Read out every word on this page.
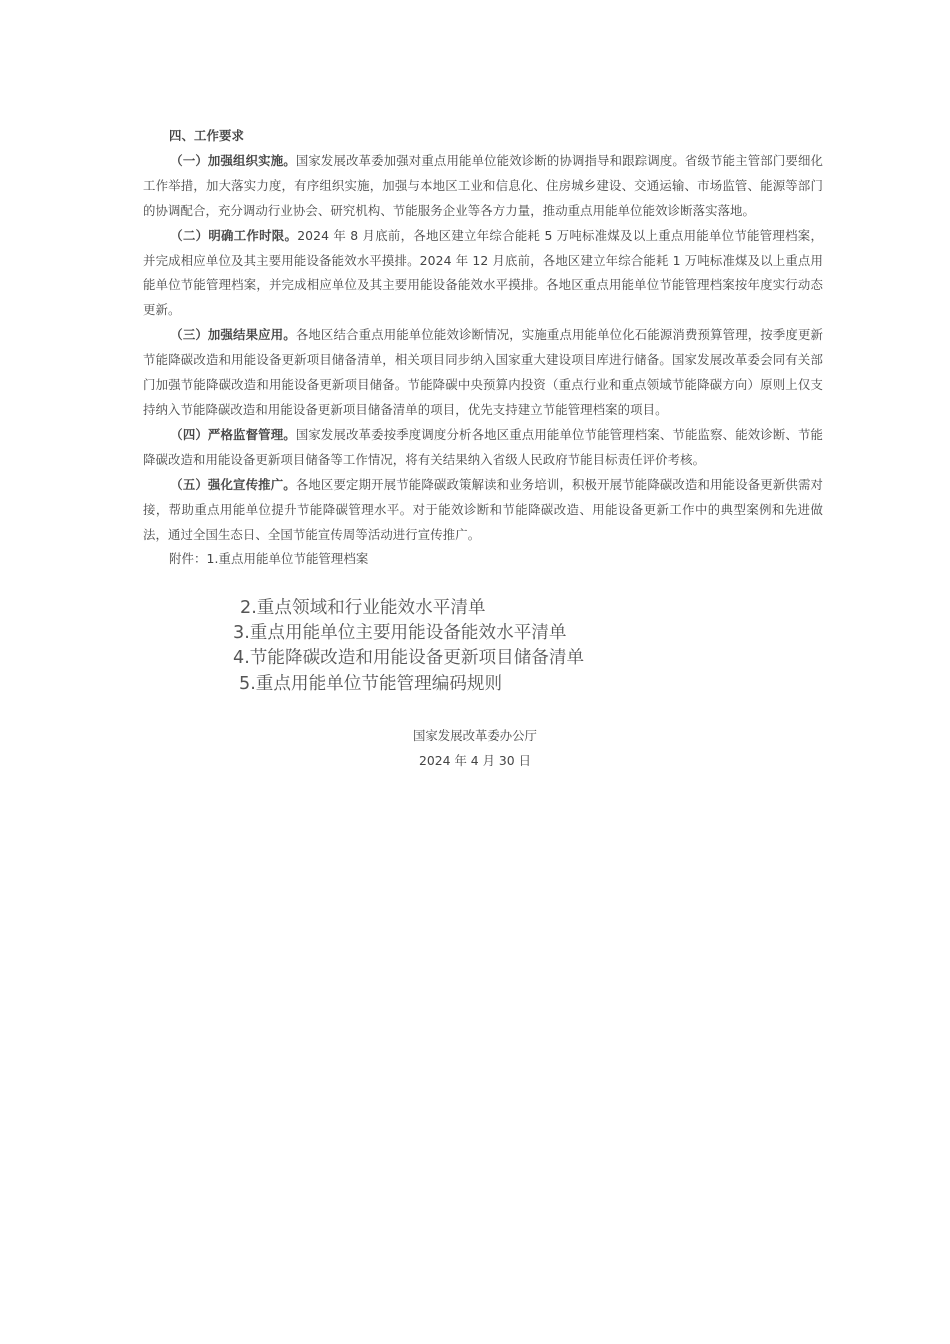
四、工作要求

（一）加强组织实施。国家发展改革委加强对重点用能单位能效诊断的协调指导和跟踪调度。省级节能主管部门要细化工作举措，加大落实力度，有序组织实施，加强与本地区工业和信息化、住房城乡建设、交通运输、市场监管、能源等部门的协调配合，充分调动行业协会、研究机构、节能服务企业等各方力量，推动重点用能单位能效诊断落实落地。

（二）明确工作时限。2024 年 8 月底前，各地区建立年综合能耗 5 万吨标准煤及以上重点用能单位节能管理档案，并完成相应单位及其主要用能设备能效水平摸排。2024 年 12 月底前，各地区建立年综合能耗 1 万吨标准煤及以上重点用能单位节能管理档案，并完成相应单位及其主要用能设备能效水平摸排。各地区重点用能单位节能管理档案按年度实行动态更新。

（三）加强结果应用。各地区结合重点用能单位能效诊断情况，实施重点用能单位化石能源消费预算管理，按季度更新节能降碳改造和用能设备更新项目储备清单，相关项目同步纳入国家重大建设项目库进行储备。国家发展改革委会同有关部门加强节能降碳改造和用能设备更新项目储备。节能降碳中央预算内投资（重点行业和重点领域节能降碳方向）原则上仅支持纳入节能降碳改造和用能设备更新项目储备清单的项目，优先支持建立节能管理档案的项目。

（四）严格监督管理。国家发展改革委按季度调度分析各地区重点用能单位节能管理档案、节能监察、能效诊断、节能降碳改造和用能设备更新项目储备等工作情况，将有关结果纳入省级人民政府节能目标责任评价考核。

（五）强化宣传推广。各地区要定期开展节能降碳政策解读和业务培训，积极开展节能降碳改造和用能设备更新供需对接，帮助重点用能单位提升节能降碳管理水平。对于能效诊断和节能降碳改造、用能设备更新工作中的典型案例和先进做法，通过全国生态日、全国节能宣传周等活动进行宣传推广。

附件：1.重点用能单位节能管理档案

2.重点领域和行业能效水平清单
3.重点用能单位主要用能设备能效水平清单
4.节能降碳改造和用能设备更新项目储备清单
5.重点用能单位节能管理编码规则
国家发展改革委办公厅
2024 年 4 月 30 日
